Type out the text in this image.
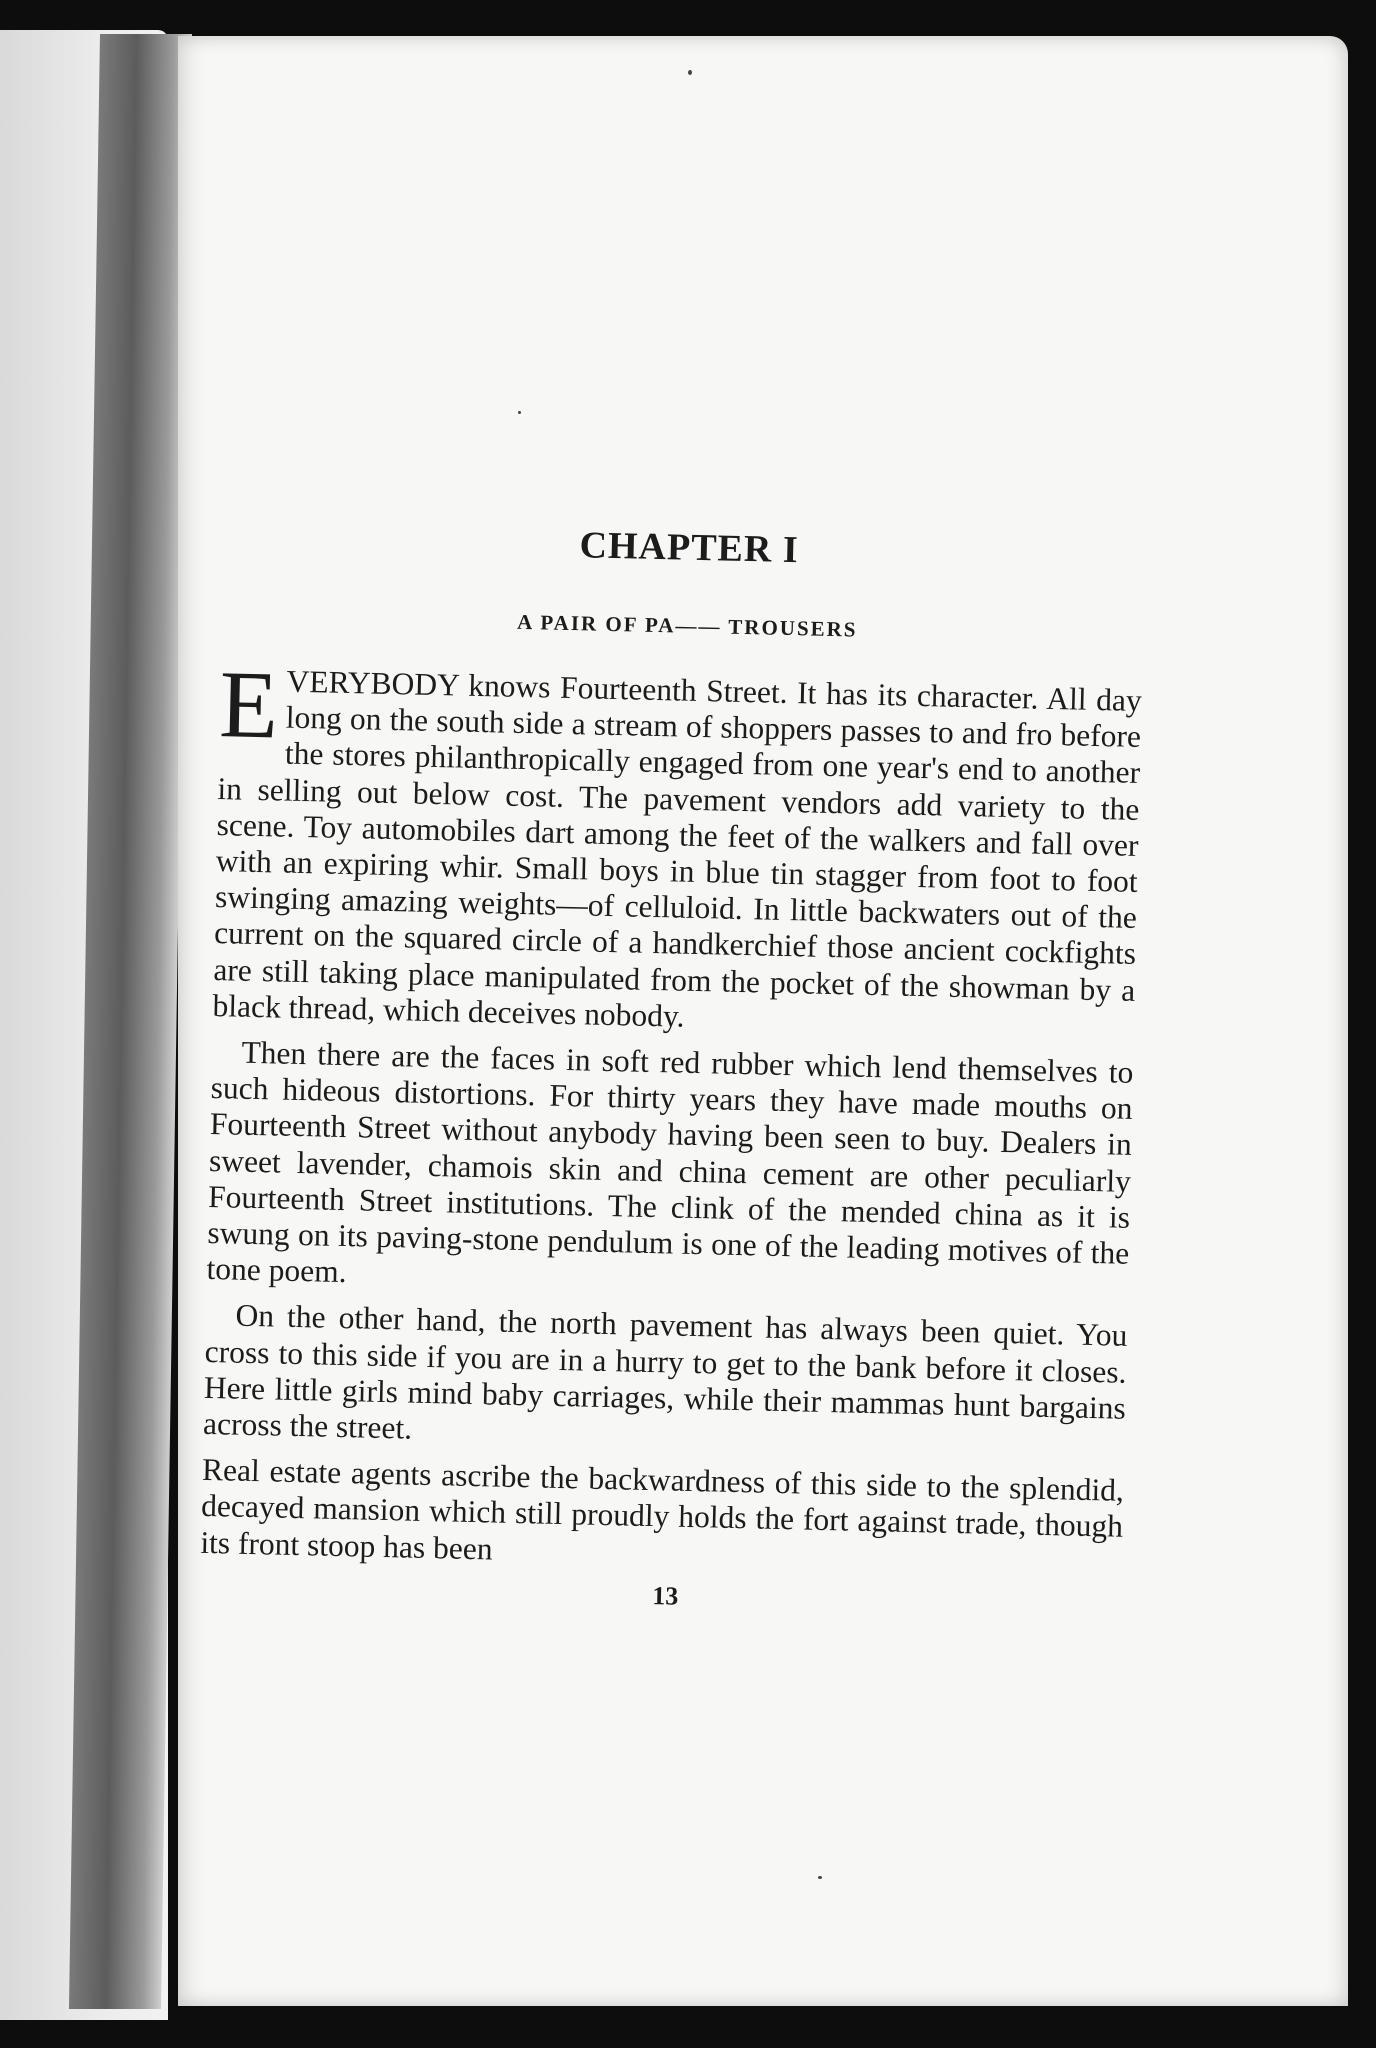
CHAPTER I
A PAIR OF PA—— TROUSERS

EVERYBODY knows Fourteenth Street. It has its character. All day long on the south side a stream of shoppers passes to and fro before the stores philanthropically engaged from one year's end to another in selling out below cost. The pavement vendors add variety to the scene. Toy automobiles dart among the feet of the walkers and fall over with an expiring whir. Small boys in blue tin stagger from foot to foot swinging amazing weights—of celluloid. In little backwaters out of the current on the squared circle of a handkerchief those ancient cockfights are still taking place manipulated from the pocket of the showman by a black thread, which deceives nobody.

Then there are the faces in soft red rubber which lend themselves to such hideous distortions. For thirty years they have made mouths on Fourteenth Street without anybody having been seen to buy. Dealers in sweet lavender, chamois skin and china cement are other peculiarly Fourteenth Street institutions. The clink of the mended china as it is swung on its paving-stone pendulum is one of the leading motives of the tone poem.

On the other hand, the north pavement has always been quiet. You cross to this side if you are in a hurry to get to the bank before it closes. Here little girls mind baby carriages, while their mammas hunt bargains across the street.

Real estate agents ascribe the backwardness of this side to the splendid, decayed mansion which still proudly holds the fort against trade, though its front stoop has been

13
